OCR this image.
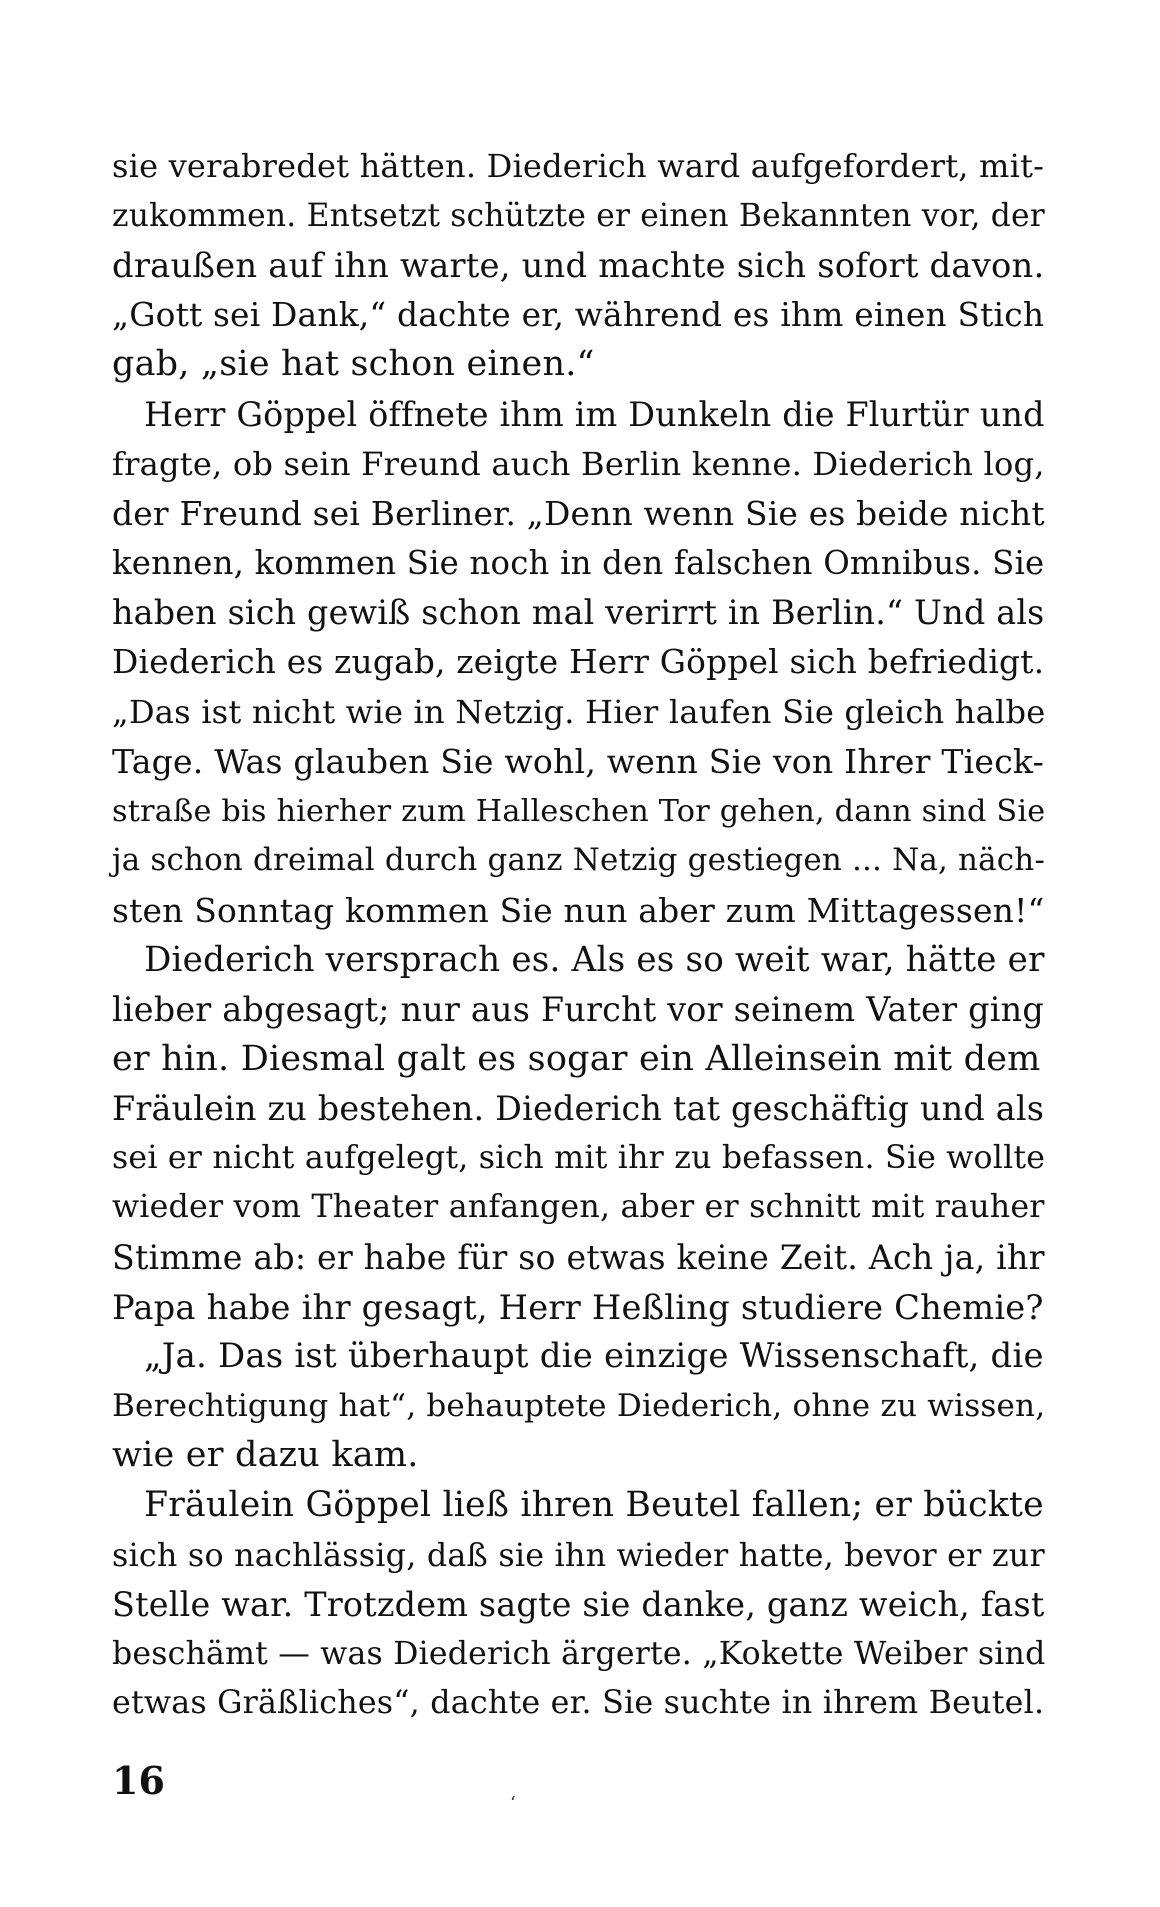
sie verabredet hätten. Diederich ward aufgefordert, mit-
zukommen. Entsetzt schützte er einen Bekannten vor, der
draußen auf ihn warte, und machte sich sofort davon.
„Gott sei Dank,“ dachte er, während es ihm einen Stich
gab, „sie hat schon einen.“
Herr Göppel öffnete ihm im Dunkeln die Flurtür und
fragte, ob sein Freund auch Berlin kenne. Diederich log,
der Freund sei Berliner. „Denn wenn Sie es beide nicht
kennen, kommen Sie noch in den falschen Omnibus. Sie
haben sich gewiß schon mal verirrt in Berlin.“ Und als
Diederich es zugab, zeigte Herr Göppel sich befriedigt.
„Das ist nicht wie in Netzig. Hier laufen Sie gleich halbe
Tage. Was glauben Sie wohl, wenn Sie von Ihrer Tieck-
straße bis hierher zum Halleschen Tor gehen, dann sind Sie
ja schon dreimal durch ganz Netzig gestiegen ... Na, näch-
sten Sonntag kommen Sie nun aber zum Mittagessen!“
Diederich versprach es. Als es so weit war, hätte er
lieber abgesagt; nur aus Furcht vor seinem Vater ging
er hin. Diesmal galt es sogar ein Alleinsein mit dem
Fräulein zu bestehen. Diederich tat geschäftig und als
sei er nicht aufgelegt, sich mit ihr zu befassen. Sie wollte
wieder vom Theater anfangen, aber er schnitt mit rauher
Stimme ab: er habe für so etwas keine Zeit. Ach ja, ihr
Papa habe ihr gesagt, Herr Heßling studiere Chemie?
„Ja. Das ist überhaupt die einzige Wissenschaft, die
Berechtigung hat“, behauptete Diederich, ohne zu wissen,
wie er dazu kam.
Fräulein Göppel ließ ihren Beutel fallen; er bückte
sich so nachlässig, daß sie ihn wieder hatte, bevor er zur
Stelle war. Trotzdem sagte sie danke, ganz weich, fast
beschämt — was Diederich ärgerte. „Kokette Weiber sind
etwas Gräßliches“, dachte er. Sie suchte in ihrem Beutel.
16
‘
